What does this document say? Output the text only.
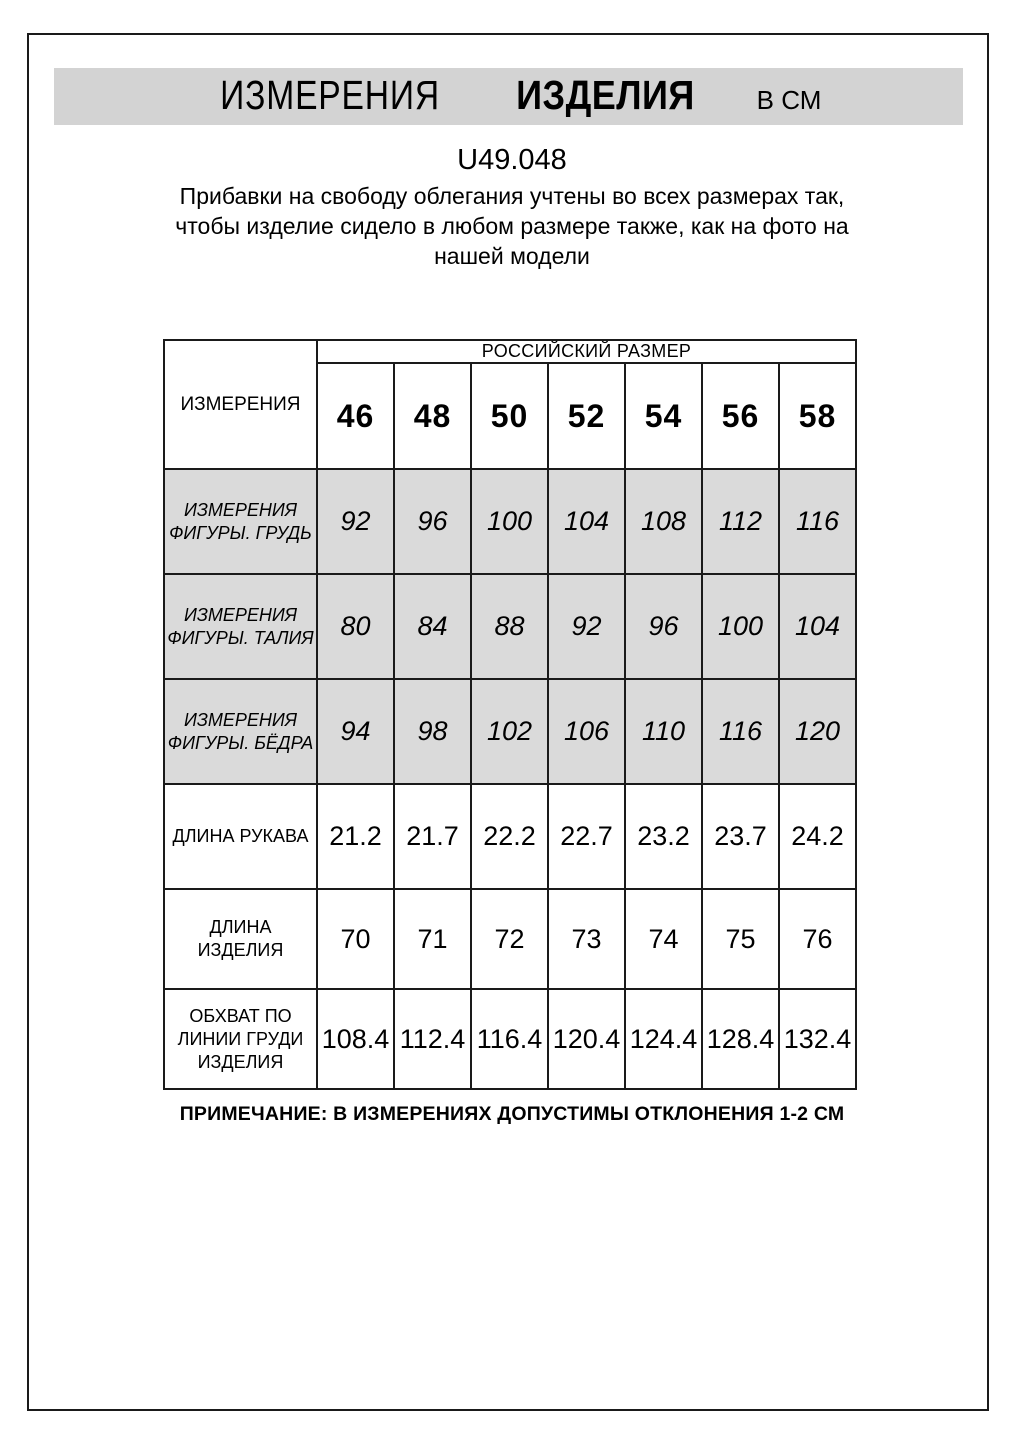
ИЗМЕРЕНИЯ ИЗДЕЛИЯ В СМ
U49.048
Прибавки на свободу облегания учтены во всех размерах так,
чтобы изделие сидело в любом размере также, как на фото на
нашей модели
ИЗМЕРЕНИЯ	РОССИЙСКИЙ РАЗМЕР						
	46	48	50	52	54	56	58
ИЗМЕРЕНИЯ ФИГУРЫ. ГРУДЬ	92	96	100	104	108	112	116
ИЗМЕРЕНИЯ ФИГУРЫ. ТАЛИЯ	80	84	88	92	96	100	104
ИЗМЕРЕНИЯ ФИГУРЫ. БЁДРА	94	98	102	106	110	116	120
ДЛИНА РУКАВА	21.2	21.7	22.2	22.7	23.2	23.7	24.2
ДЛИНА ИЗДЕЛИЯ	70	71	72	73	74	75	76
ОБХВАТ ПО ЛИНИИ ГРУДИ ИЗДЕЛИЯ	108.4	112.4	116.4	120.4	124.4	128.4	132.4
ПРИМЕЧАНИЕ: В ИЗМЕРЕНИЯХ ДОПУСТИМЫ ОТКЛОНЕНИЯ 1-2 СМ
